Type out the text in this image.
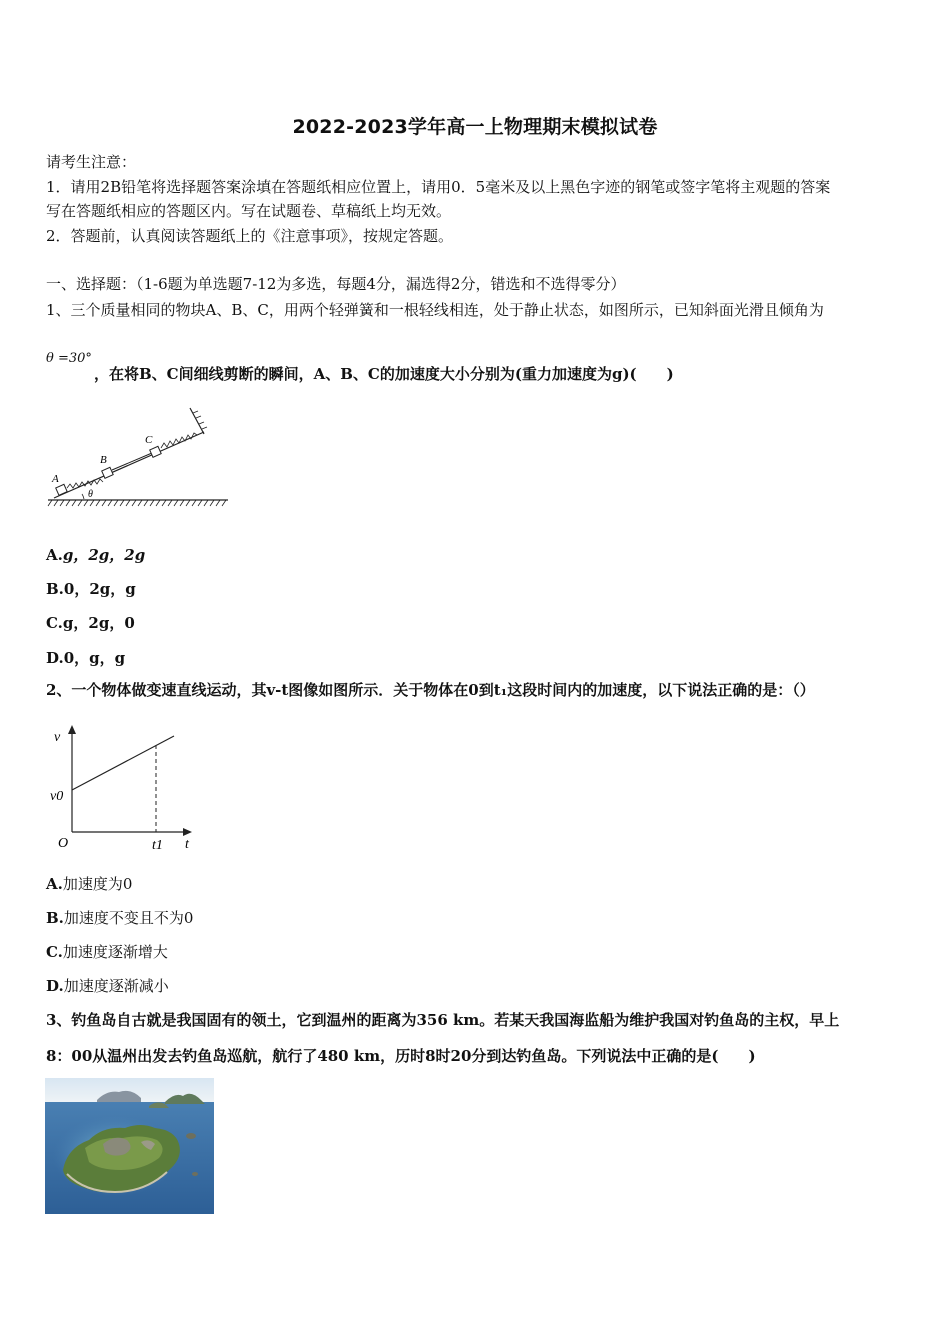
2022-2023学年高一上物理期末模拟试卷
请考生注意：
1．请用2B铅笔将选择题答案涂填在答题纸相应位置上，请用0．5毫米及以上黑色字迹的钢笔或签字笔将主观题的答案
写在答题纸相应的答题区内。写在试题卷、草稿纸上均无效。
2．答题前，认真阅读答题纸上的《注意事项》，按规定答题。
一、选择题：（1-6题为单选题7-12为多选，每题4分，漏选得2分，错选和不选得零分）
1、三个质量相同的物块A、B、C，用两个轻弹簧和一根轻线相连，处于静止状态，如图所示，已知斜面光滑且倾角为
θ =30°
，在将B、C间细线剪断的瞬间，A、B、C的加速度大小分别为(重力加速度为g)(　　)
A
B
C
θ
A.g，2g，2g
B.0，2g，g
C.g，2g，0
D.0，g，g
2、一个物体做变速直线运动，其v-t图像如图所示．关于物体在0到t₁这段时间内的加速度，以下说法正确的是：（）
v
t
O
v0
t1
A.加速度为0
B.加速度不变且不为0
C.加速度逐渐增大
D.加速度逐渐减小
3、钓鱼岛自古就是我国固有的领土，它到温州的距离为356 km。若某天我国海监船为维护我国对钓鱼岛的主权，早上
8：00从温州出发去钓鱼岛巡航，航行了480 km，历时8时20分到达钓鱼岛。下列说法中正确的是(　　)
